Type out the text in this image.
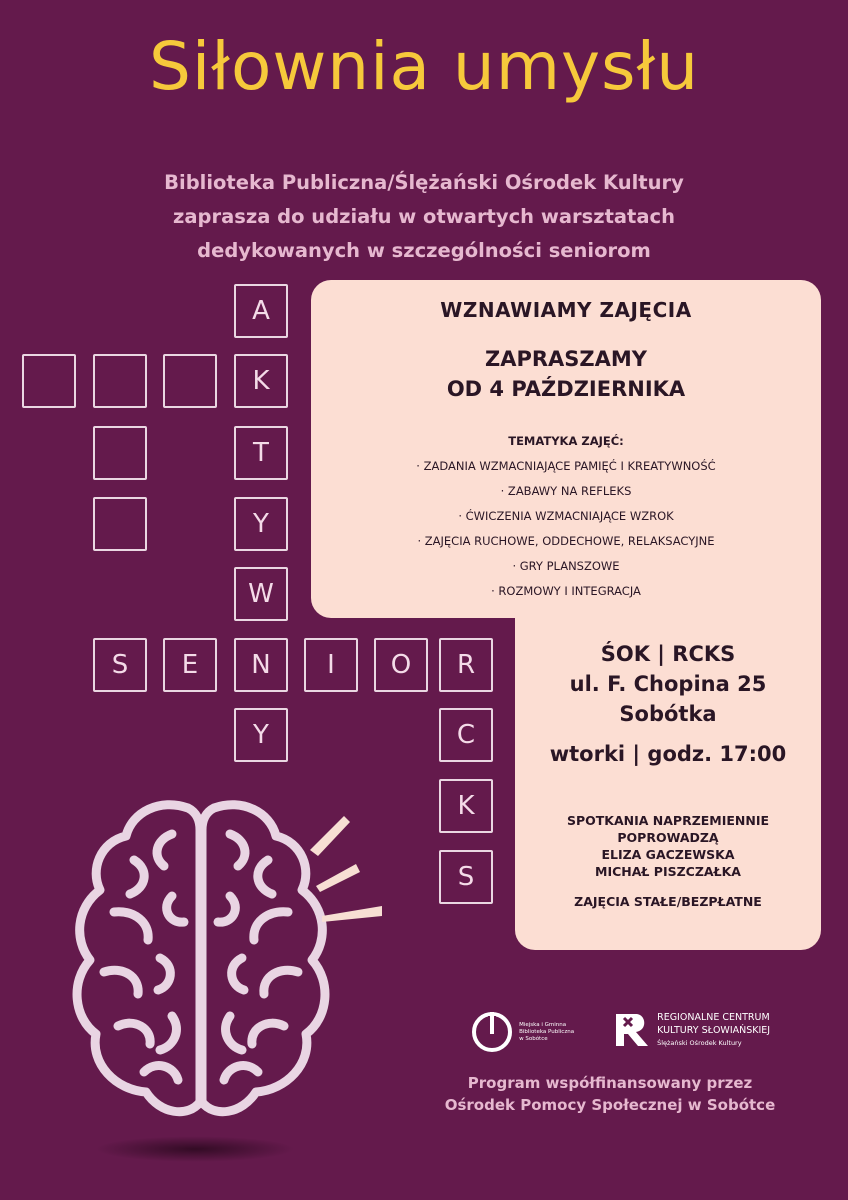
Siłownia umysłu
Biblioteka Publiczna/Ślężański Ośrodek Kultury
zaprasza do udziału w otwartych warsztatach
dedykowanych w szczególności seniorom
WZNAWIAMY ZAJĘCIA
ZAPRASZAMY
OD 4 PAŹDZIERNIKA
TEMATYKA ZAJĘĆ:
· ZADANIA WZMACNIAJĄCE PAMIĘĆ I KREATYWNOŚĆ
· ZABAWY NA REFLEKS
· ĆWICZENIA WZMACNIAJĄCE WZROK
· ZAJĘCIA RUCHOWE, ODDECHOWE, RELAKSACYJNE
· GRY PLANSZOWE
· ROZMOWY I INTEGRACJA
ŚOK | RCKS
ul. F. Chopina 25
Sobótka
wtorki | godz. 17:00
SPOTKANIA NAPRZEMIENNIE
POPROWADZĄ
ELIZA GACZEWSKA
MICHAŁ PISZCZAŁKA
ZAJĘCIA STAŁE/BEZPŁATNE
A
K
T
Y
W
N
Y
S	E	I	O	R
C
K
S
Miejska i Gminna Biblioteka Publiczna w Sobótce

REGIONALNE CENTRUM
KULTURY SŁOWIAŃSKIEJ
Ślężański Ośrodek Kultury
Program współfinansowany przez
Ośrodek Pomocy Społecznej w Sobótce
